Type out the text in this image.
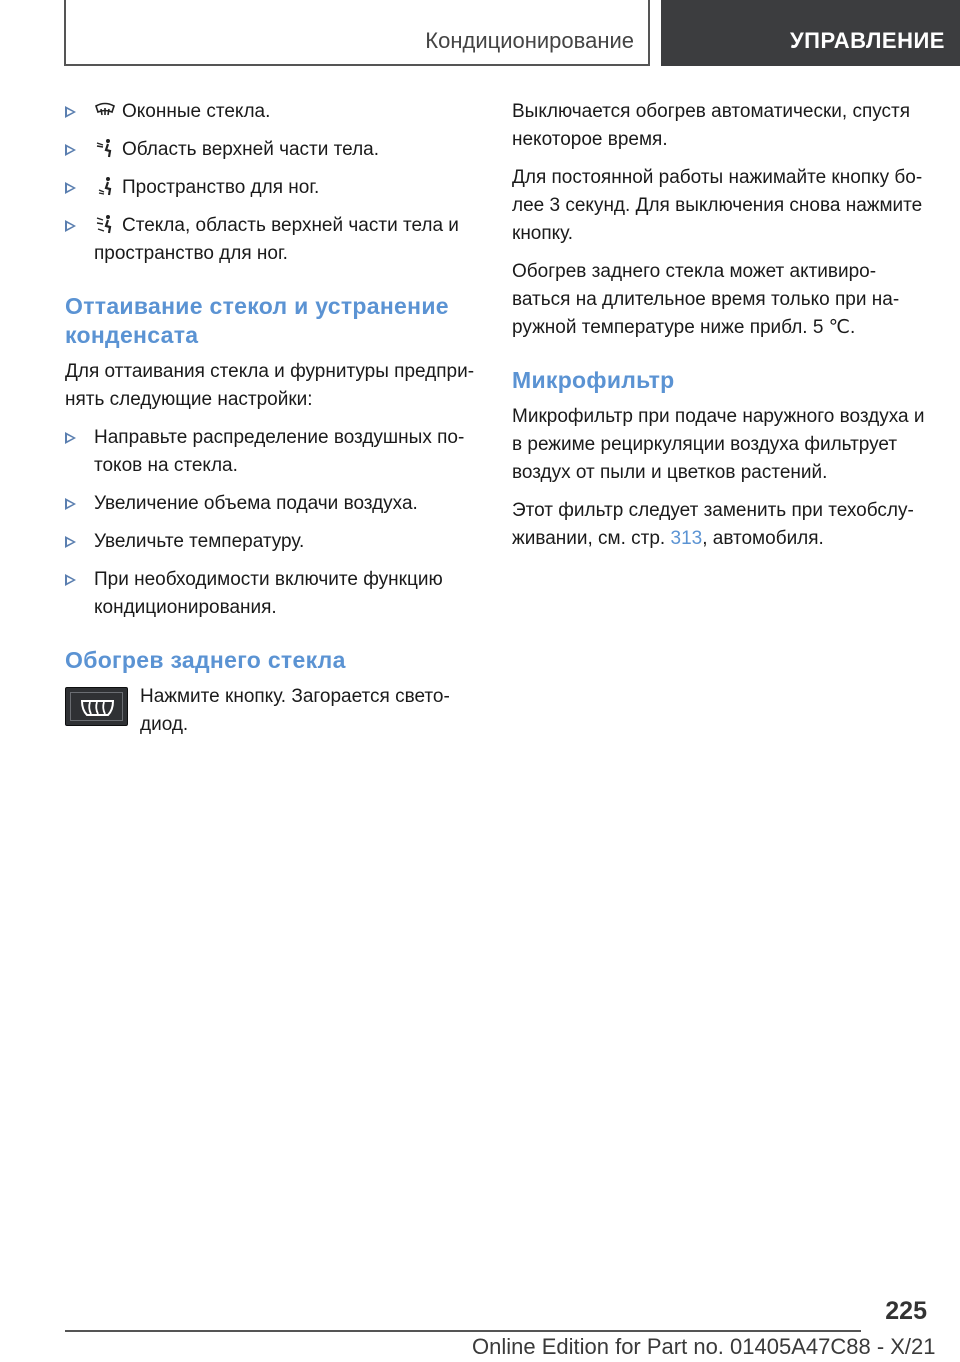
Кондиционирование	УПРАВЛЕНИЕ
Оконные стекла.
Область верхней части тела.
Пространство для ног.
Стекла, область верхней части тела и пространство для ног.
Оттаивание стекол и устранение конденсата

Для оттаивания стекла и фурнитуры предпринять следующие настройки:

Направьте распределение воздушных потоков на стекла.
Увеличение объема подачи воздуха.
Увеличьте температуру.
При необходимости включите функцию кондиционирования.
Обогрев заднего стекла

Нажмите кнопку. Загорается светодиод.

Выключается обогрев автоматически, спустя некоторое время.

Для постоянной работы нажимайте кнопку более 3 секунд. Для выключения снова нажмите кнопку.

Обогрев заднего стекла может активироваться на длительное время только при наружной температуре ниже прибл. 5 ℃.

Микрофильтр

Микрофильтр при подаче наружного воздуха и в режиме рециркуляции воздуха фильтрует воздух от пыли и цветков растений.

Этот фильтр следует заменить при техобслуживании, см. стр. 313, автомобиля.

225
Online Edition for Part no. 01405A47C88 - X/21
